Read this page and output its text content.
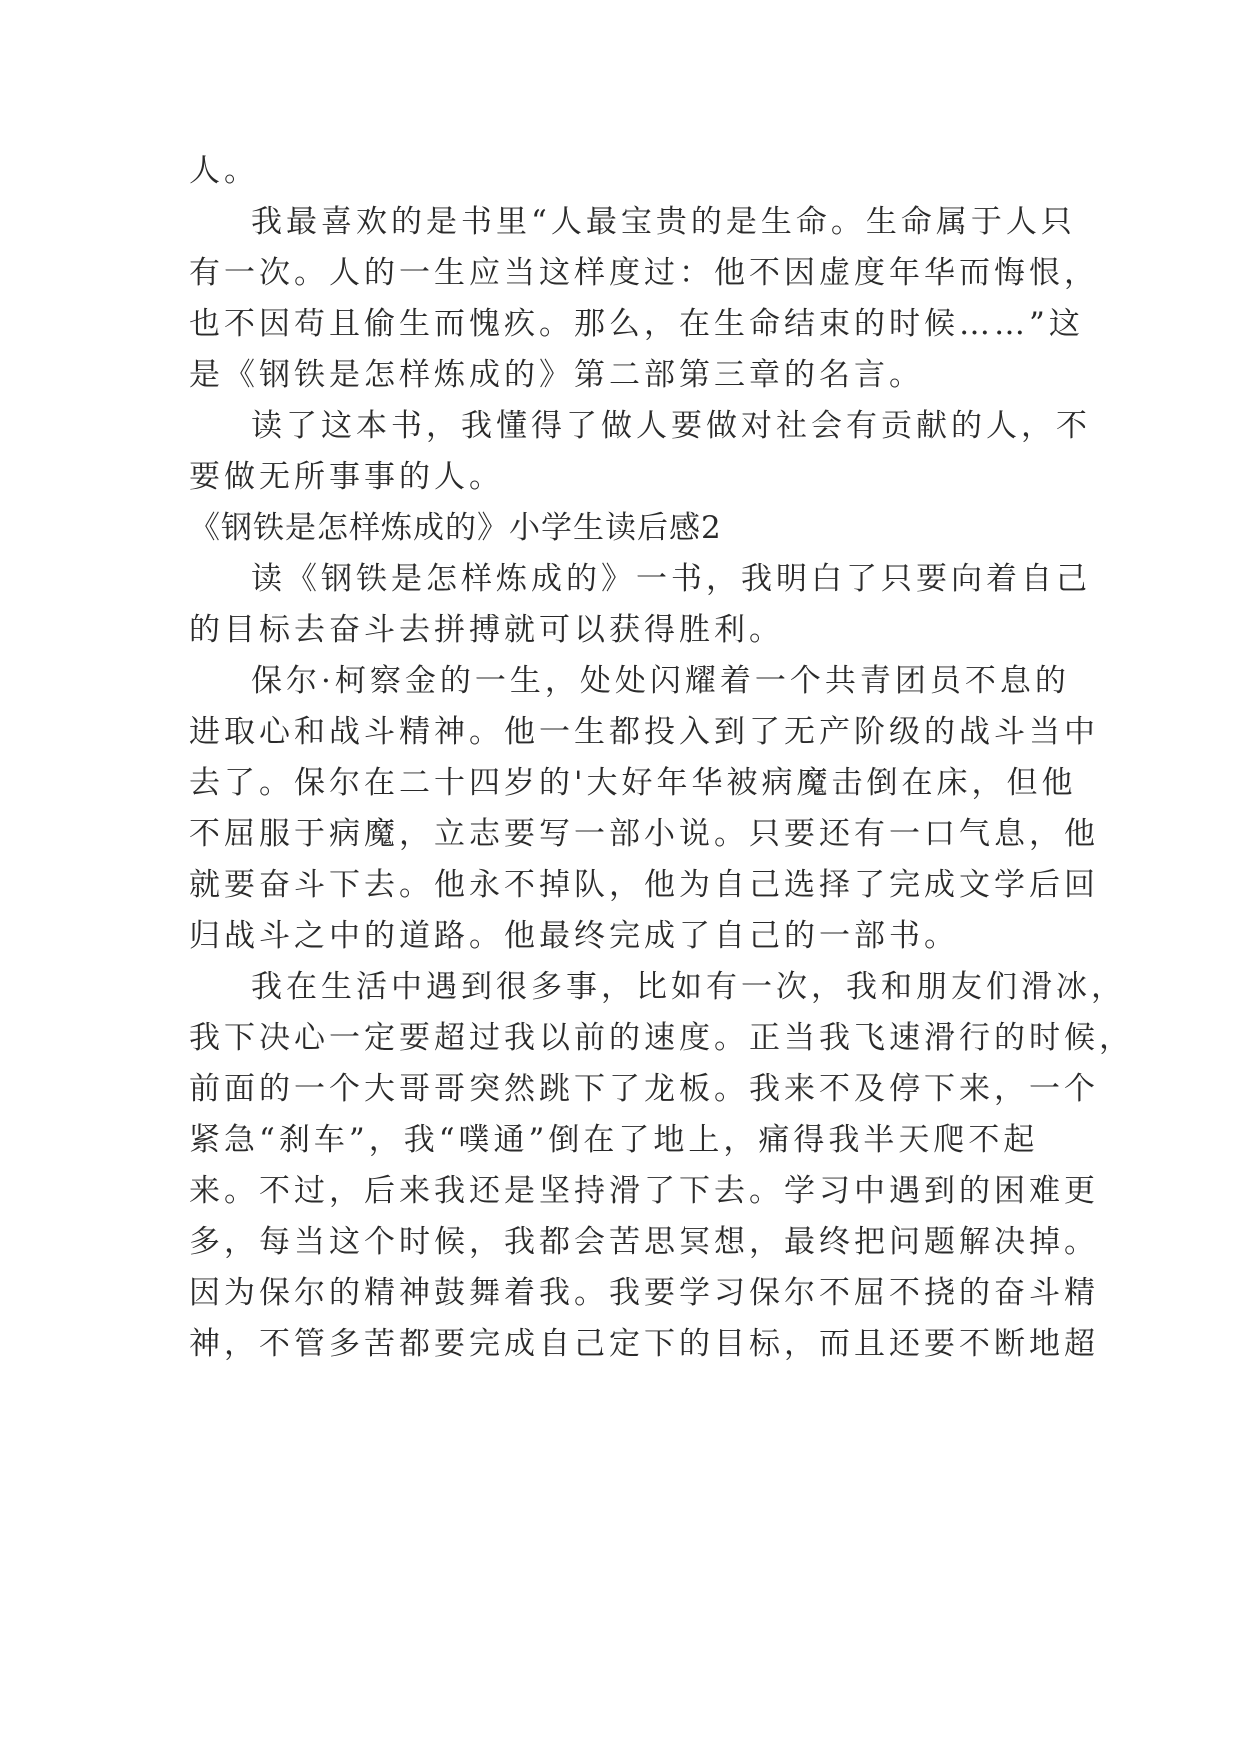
人。
我最喜欢的是书里“人最宝贵的是生命。生命属于人只
有一次。人的一生应当这样度过：他不因虚度年华而悔恨，
也不因苟且偷生而愧疚。那么，在生命结束的时候……”这
是《钢铁是怎样炼成的》第二部第三章的名言。
读了这本书，我懂得了做人要做对社会有贡献的人，不
要做无所事事的人。
《钢铁是怎样炼成的》小学生读后感2
读《钢铁是怎样炼成的》一书，我明白了只要向着自己
的目标去奋斗去拼搏就可以获得胜利。
保尔·柯察金的一生，处处闪耀着一个共青团员不息的
进取心和战斗精神。他一生都投入到了无产阶级的战斗当中
去了。保尔在二十四岁的'大好年华被病魔击倒在床，但他
不屈服于病魔，立志要写一部小说。只要还有一口气息，他
就要奋斗下去。他永不掉队，他为自己选择了完成文学后回
归战斗之中的道路。他最终完成了自己的一部书。
我在生活中遇到很多事，比如有一次，我和朋友们滑冰，
我下决心一定要超过我以前的速度。正当我飞速滑行的时候，
前面的一个大哥哥突然跳下了龙板。我来不及停下来，一个
紧急“刹车”，我“噗通”倒在了地上，痛得我半天爬不起
来。不过，后来我还是坚持滑了下去。学习中遇到的困难更
多，每当这个时候，我都会苦思冥想，最终把问题解决掉。
因为保尔的精神鼓舞着我。我要学习保尔不屈不挠的奋斗精
神，不管多苦都要完成自己定下的目标，而且还要不断地超
